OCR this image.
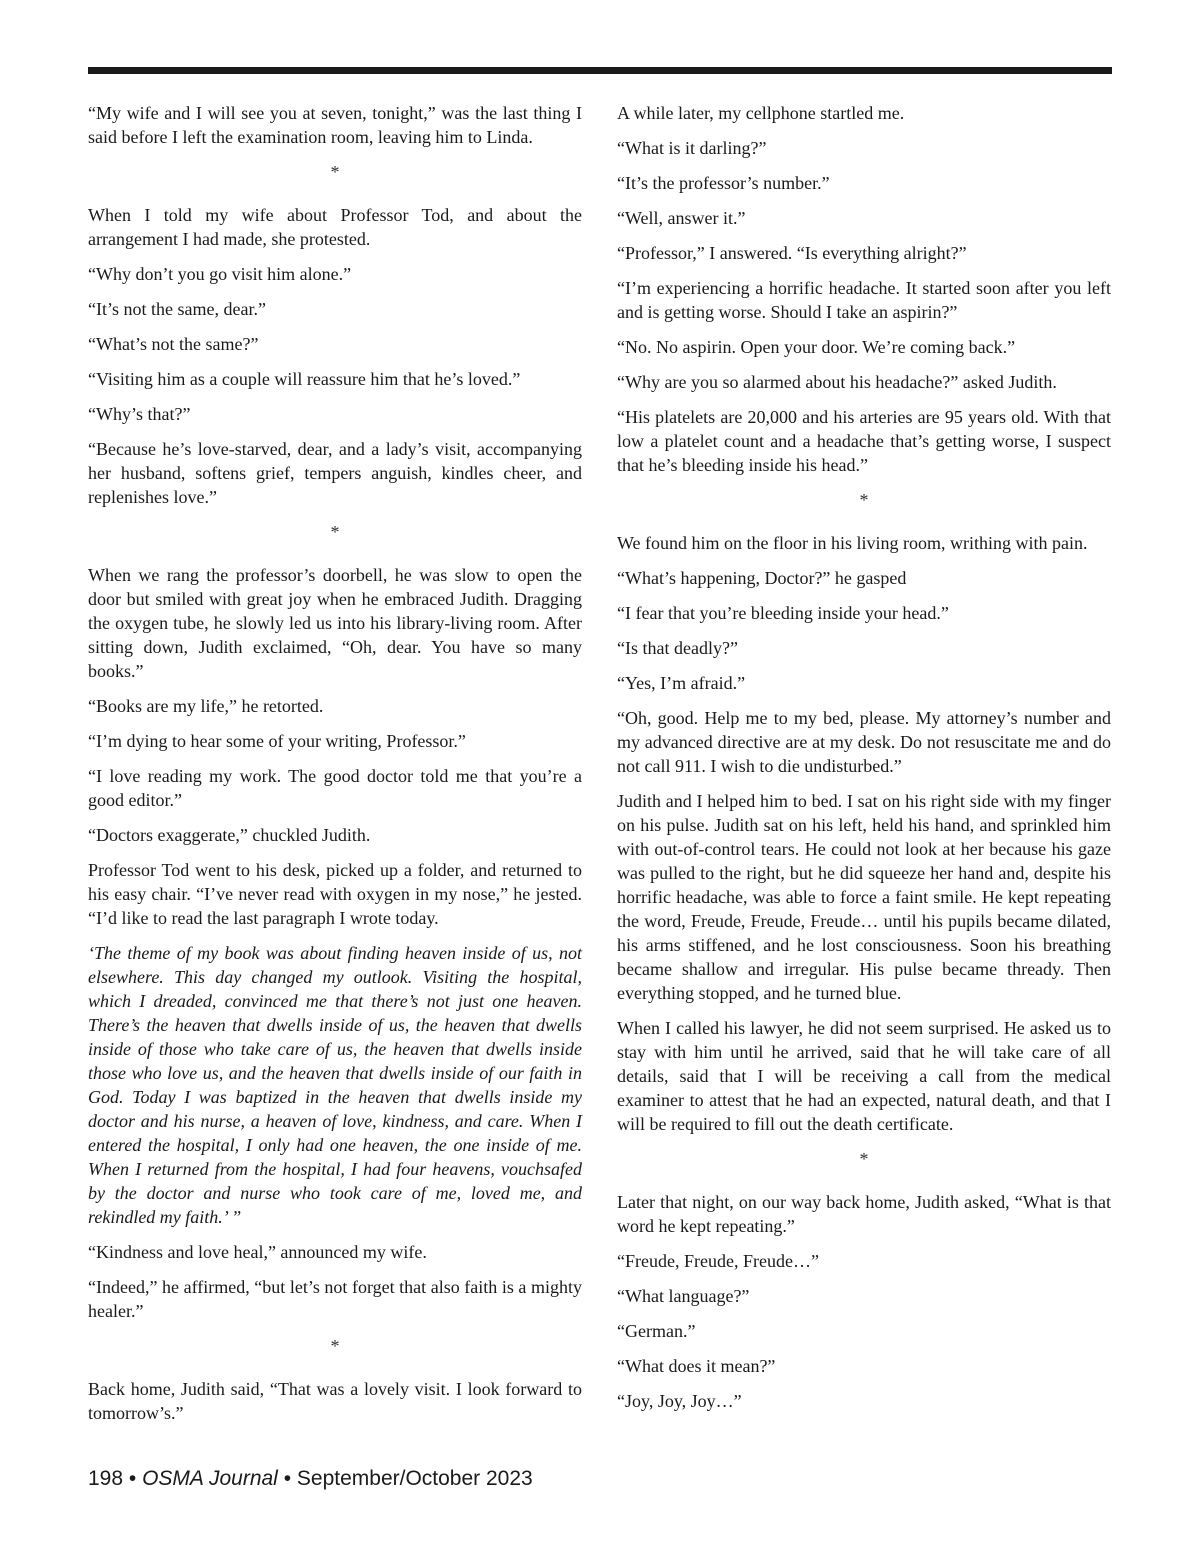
“My wife and I will see you at seven, tonight,” was the last thing I said before I left the examination room, leaving him to Linda.

*

When I told my wife about Professor Tod, and about the arrangement I had made, she protested.

“Why don’t you go visit him alone.”

“It’s not the same, dear.”

“What’s not the same?”

“Visiting him as a couple will reassure him that he’s loved.”

“Why’s that?”

“Because he’s love-starved, dear, and a lady’s visit, accompanying her husband, softens grief, tempers anguish, kindles cheer, and replenishes love.”

*

When we rang the professor’s doorbell, he was slow to open the door but smiled with great joy when he embraced Judith. Dragging the oxygen tube, he slowly led us into his library-living room. After sitting down, Judith exclaimed, “Oh, dear. You have so many books.”

“Books are my life,” he retorted.

“I’m dying to hear some of your writing, Professor.”

“I love reading my work. The good doctor told me that you’re a good editor.”

“Doctors exaggerate,” chuckled Judith.

Professor Tod went to his desk, picked up a folder, and returned to his easy chair. “I’ve never read with oxygen in my nose,” he jested. “I’d like to read the last paragraph I wrote today.

‘The theme of my book was about finding heaven inside of us, not elsewhere. This day changed my outlook. Visiting the hospital, which I dreaded, convinced me that there’s not just one heaven. There’s the heaven that dwells inside of us, the heaven that dwells inside of those who take care of us, the heaven that dwells inside those who love us, and the heaven that dwells inside of our faith in God. Today I was baptized in the heaven that dwells inside my doctor and his nurse, a heaven of love, kindness, and care. When I entered the hospital, I only had one heaven, the one inside of me. When I returned from the hospital, I had four heavens, vouchsafed by the doctor and nurse who took care of me, loved me, and rekindled my faith.’ ”

“Kindness and love heal,” announced my wife.

“Indeed,” he affirmed, “but let’s not forget that also faith is a mighty healer.”

*

Back home, Judith said, “That was a lovely visit. I look forward to tomorrow’s.”

A while later, my cellphone startled me.

“What is it darling?”

“It’s the professor’s number.”

“Well, answer it.”

“Professor,” I answered. “Is everything alright?”

“I’m experiencing a horrific headache. It started soon after you left and is getting worse. Should I take an aspirin?”

“No. No aspirin. Open your door. We’re coming back.”

“Why are you so alarmed about his headache?” asked Judith.

“His platelets are 20,000 and his arteries are 95 years old. With that low a platelet count and a headache that’s getting worse, I suspect that he’s bleeding inside his head.”

*

We found him on the floor in his living room, writhing with pain.

“What’s happening, Doctor?” he gasped

“I fear that you’re bleeding inside your head.”

“Is that deadly?”

“Yes, I’m afraid.”

“Oh, good. Help me to my bed, please. My attorney’s number and my advanced directive are at my desk. Do not resuscitate me and do not call 911. I wish to die undisturbed.”

Judith and I helped him to bed. I sat on his right side with my finger on his pulse. Judith sat on his left, held his hand, and sprinkled him with out-of-control tears. He could not look at her because his gaze was pulled to the right, but he did squeeze her hand and, despite his horrific headache, was able to force a faint smile. He kept repeating the word, Freude, Freude, Freude… until his pupils became dilated, his arms stiffened, and he lost consciousness. Soon his breathing became shallow and irregular. His pulse became thready. Then everything stopped, and he turned blue.

When I called his lawyer, he did not seem surprised. He asked us to stay with him until he arrived, said that he will take care of all details, said that I will be receiving a call from the medical examiner to attest that he had an expected, natural death, and that I will be required to fill out the death certificate.

*

Later that night, on our way back home, Judith asked, “What is that word he kept repeating.”

“Freude, Freude, Freude…”

“What language?”

“German.”

“What does it mean?”

“Joy, Joy, Joy…”

198 • OSMA Journal • September/October 2023
